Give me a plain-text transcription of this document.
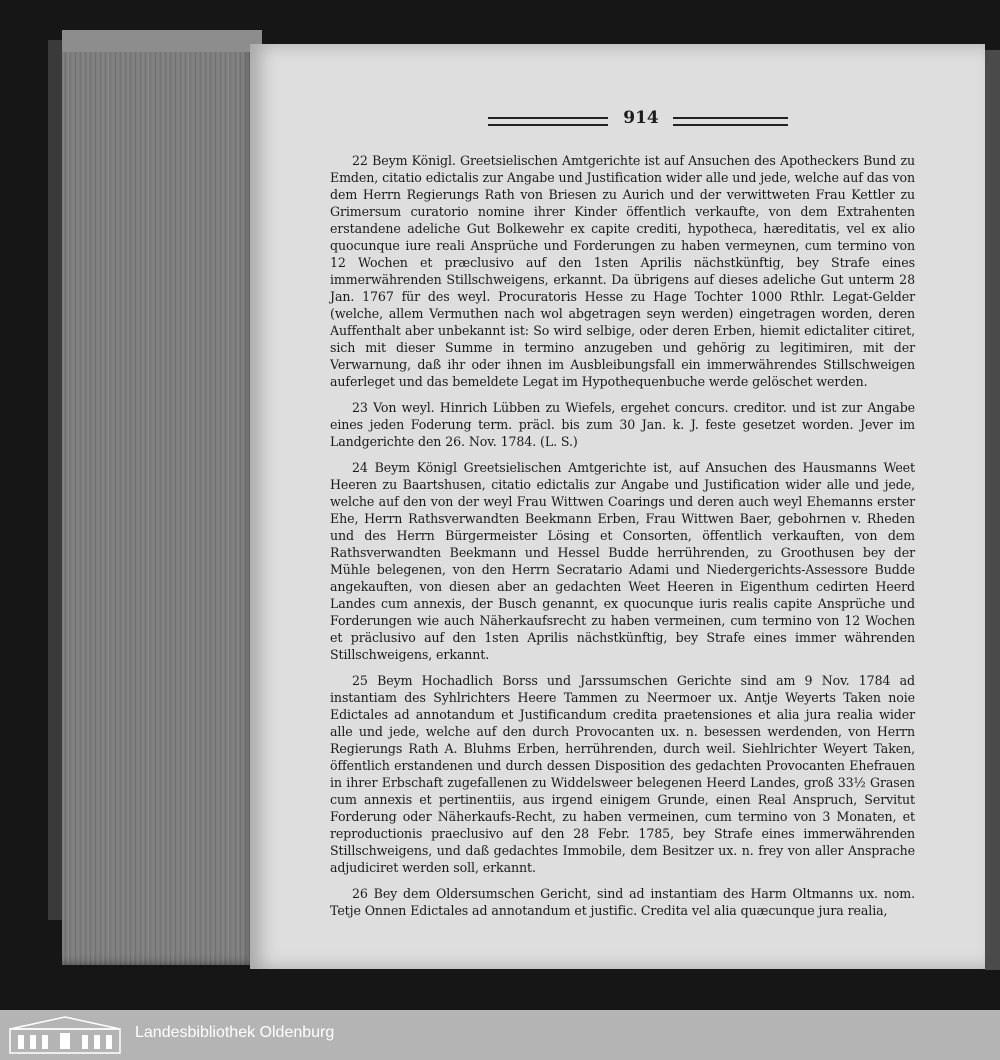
914

22 Beym Königl. Greetsielischen Amtgerichte ist auf Ansuchen des Apotheckers Bund zu Emden, citatio edictalis zur Angabe und Justification wider alle und jede, welche auf das von dem Herrn Regierungs Rath von Briesen zu Aurich und der verwittweten Frau Kettler zu Grimersum curatorio nomine ihrer Kinder öffentlich verkaufte, von dem Extrahenten erstandene adeliche Gut Bolkewehr ex capite crediti, hypotheca, hæreditatis, vel ex alio quocunque iure reali Ansprüche und Forderungen zu haben vermeynen, cum termino von 12 Wochen et præclusivo auf den 1sten Aprilis nächstkünftig, bey Strafe eines immerwährenden Stillschweigens, erkannt. Da übrigens auf dieses adeliche Gut unterm 28 Jan. 1767 für des weyl. Procuratoris Hesse zu Hage Tochter 1000 Rthlr. Legat-Gelder (welche, allem Vermuthen nach wol abgetragen seyn werden) eingetragen worden, deren Auffenthalt aber unbekannt ist: So wird selbige, oder deren Erben, hiemit edictaliter citiret, sich mit dieser Summe in termino anzugeben und gehörig zu legitimiren, mit der Verwarnung, daß ihr oder ihnen im Ausbleibungsfall ein immerwährendes Stillschweigen auferleget und das bemeldete Legat im Hypothequenbuche werde gelöschet werden.

23 Von weyl. Hinrich Lübben zu Wiefels, ergehet concurs. creditor. und ist zur Angabe eines jeden Foderung term. präcl. bis zum 30 Jan. k. J. feste gesetzet worden. Jever im Landgerichte den 26. Nov. 1784. (L. S.)

24 Beym Königl Greetsielischen Amtgerichte ist, auf Ansuchen des Hausmanns Weet Heeren zu Baartshusen, citatio edictalis zur Angabe und Justification wider alle und jede, welche auf den von der weyl Frau Wittwen Coarings und deren auch weyl Ehemanns erster Ehe, Herrn Rathsverwandten Beekmann Erben, Frau Wittwen Baer, gebohrnen v. Rheden und des Herrn Bürgermeister Lösing et Consorten, öffentlich verkauften, von dem Rathsverwandten Beekmann und Hessel Budde herrührenden, zu Groothusen bey der Mühle belegenen, von den Herrn Secratario Adami und Niedergerichts-Assessore Budde angekauften, von diesen aber an gedachten Weet Heeren in Eigenthum cedirten Heerd Landes cum annexis, der Busch genannt, ex quocunque iuris realis capite Ansprüche und Forderungen wie auch Näherkaufsrecht zu haben vermeinen, cum termino von 12 Wochen et präclusivo auf den 1sten Aprilis nächstkünftig, bey Strafe eines immer währenden Stillschweigens, erkannt.

25 Beym Hochadlich Borss und Jarssumschen Gerichte sind am 9 Nov. 1784 ad instantiam des Syhlrichters Heere Tammen zu Neermoer ux. Antje Weyerts Taken noie Edictales ad annotandum et Justificandum credita praetensiones et alia jura realia wider alle und jede, welche auf den durch Provocanten ux. n. besessen werdenden, von Herrn Regierungs Rath A. Bluhms Erben, herrührenden, durch weil. Siehlrichter Weyert Taken, öffentlich erstandenen und durch dessen Disposition des gedachten Provocanten Ehefrauen in ihrer Erbschaft zugefallenen zu Widdelsweer belegenen Heerd Landes, groß 33½ Grasen cum annexis et pertinentiis, aus irgend einigem Grunde, einen Real Anspruch, Servitut Forderung oder Näherkaufs-Recht, zu haben vermeinen, cum termino von 3 Monaten, et reproductionis praeclusivo auf den 28 Febr. 1785, bey Strafe eines immerwährenden Stillschweigens, und daß gedachtes Immobile, dem Besitzer ux. n. frey von aller Ansprache adjudiciret werden soll, erkannt.

26 Bey dem Oldersumschen Gericht, sind ad instantiam des Harm Oltmanns ux. nom. Tetje Onnen Edictales ad annotandum et justific. Credita vel alia quæcunque jura realia,

Landesbibliothek Oldenburg
